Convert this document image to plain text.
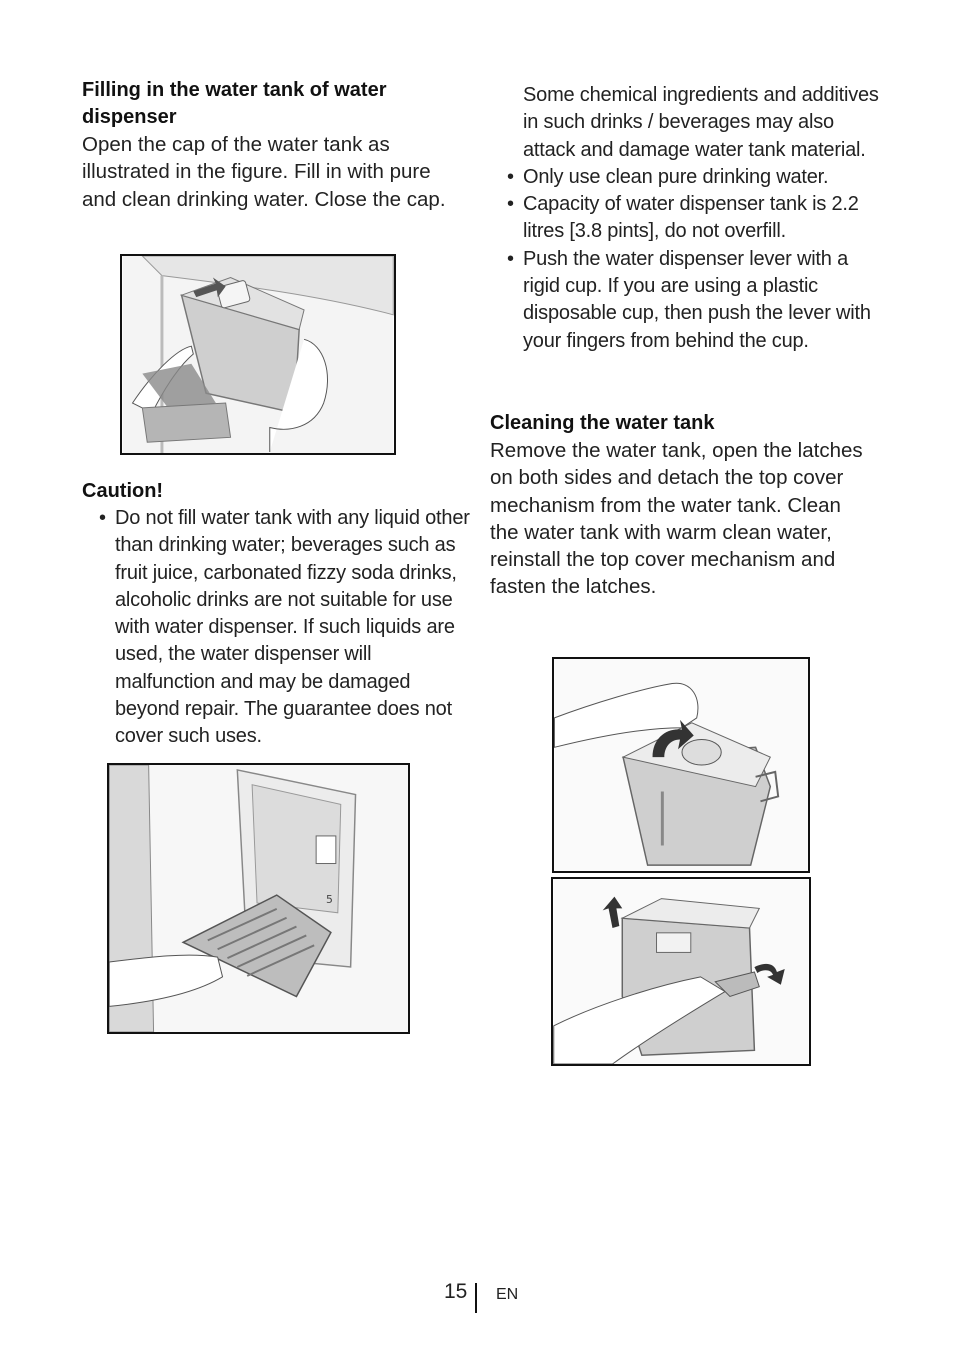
Filling in the water tank of water dispenser

Open the cap of the water tank as illustrated in the figure. Fill in with pure and clean drinking water. Close the cap.

Caution!

• Do not fill water tank with any liquid other than drinking water; beverages such as fruit juice, carbonated fizzy soda drinks, alcoholic drinks are not suitable for use with water dispenser. If such liquids are used, the water dispenser will malfunction and may be damaged beyond repair. The guarantee does not cover such uses.
5

Some chemical ingredients and additives in such drinks / beverages may also attack and damage water tank material.

• Only use clean pure drinking water.
• Capacity of water dispenser tank is 2.2 litres [3.8 pints], do not overfill.
• Push the water dispenser lever with a rigid cup. If you are using a plastic disposable cup, then push the lever with your fingers from behind the cup.

Cleaning the water tank

Remove the water tank, open the latches on both sides and detach the top cover mechanism from the water tank. Clean the water tank with warm clean water, reinstall the top cover mechanism and fasten the latches.

15 EN
